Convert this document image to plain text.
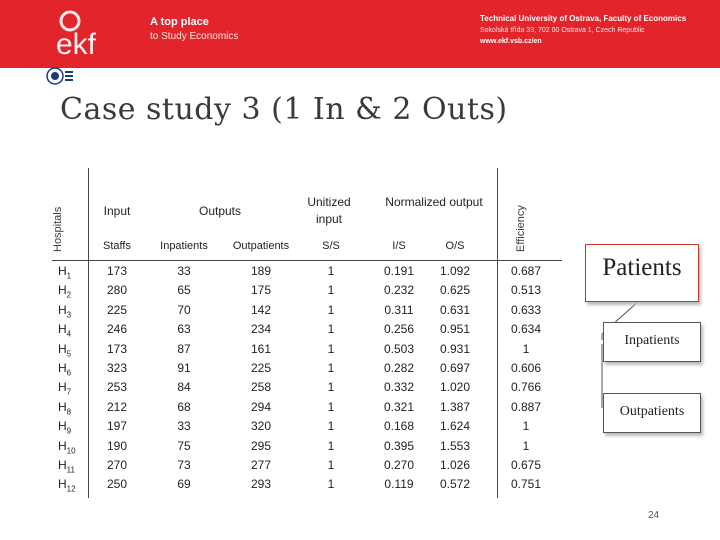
ekf
A top place
to Study Economics
Technical University of Ostrava, Faculty of Economics
Sokolská třída 33, 702 00 Ostrava 1, Czech Republic
www.ekf.vsb.cz/en
Case study 3 (1 In & 2 Outs)
Hospitals	Efficiency
Input	Outputs
Unitized input
Normalized output
Staffs	Inpatients	Outpatients	S/S	I/S	O/S
$H_1$	173	33	189	1	0.191	1.092	0.687
$H_2$	280	65	175	1	0.232	0.625	0.513
$H_3$	225	70	142	1	0.311	0.631	0.633
$H_4$	246	63	234	1	0.256	0.951	0.634
$H_5$	173	87	161	1	0.503	0.931	1
$H_6$	323	91	225	1	0.282	0.697	0.606
$H_7$	253	84	258	1	0.332	1.020	0.766
$H_8$	212	68	294	1	0.321	1.387	0.887
$H_9$	197	33	320	1	0.168	1.624	1
$H_{10}$	190	75	295	1	0.395	1.553	1
$H_{11}$	270	73	277	1	0.270	1.026	0.675
$H_{12}$	250	69	293	1	0.119	0.572	0.751
Patients
Inpatients
Outpatients
24
